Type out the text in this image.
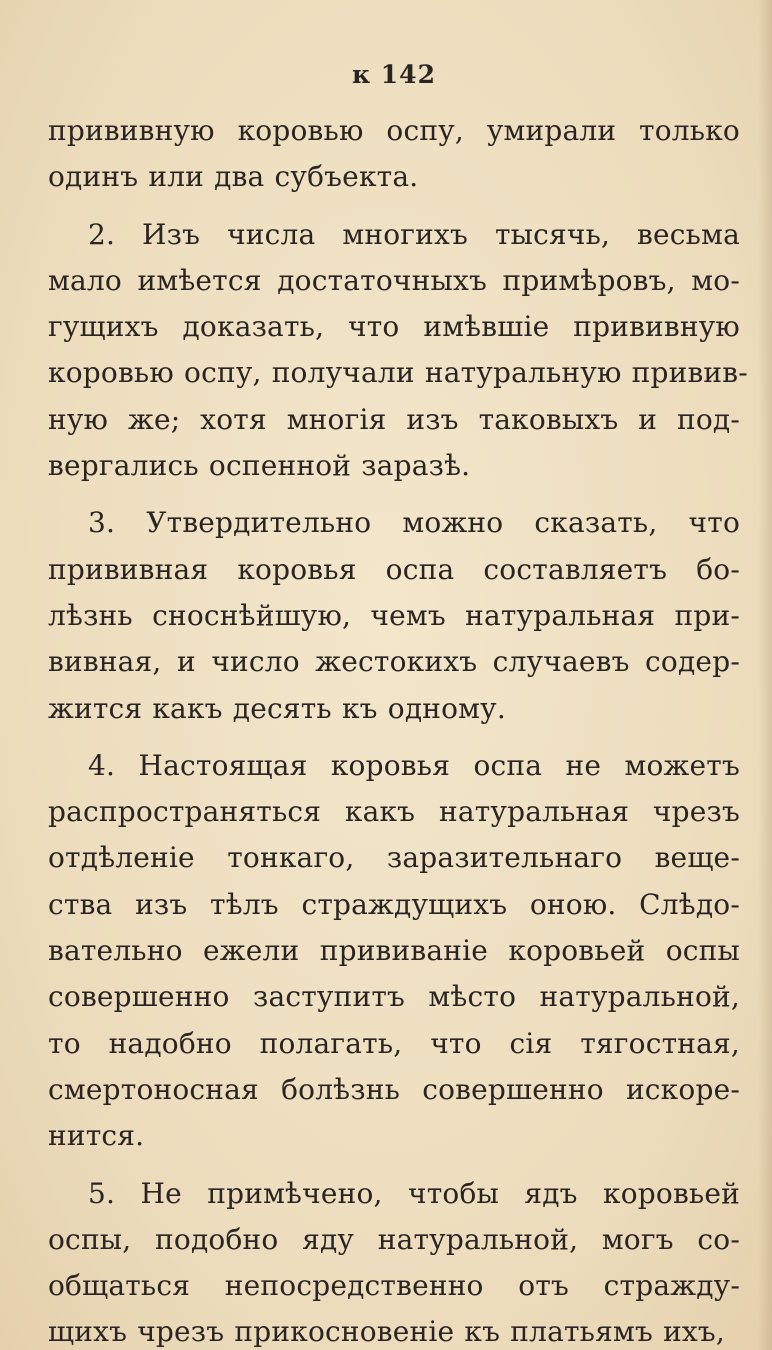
к 142
прививную коровью оспу, умирали только
одинъ или два субъекта.
2. Изъ числа многихъ тысячь, весьма
мало имѣется достаточныхъ примѣровъ, мо-
гущихъ доказать, что имѣвшіе прививную
коровью оспу, получали натуральную привив-
ную же; хотя многія изъ таковыхъ и под-
вергались оспенной заразѣ.
3. Утвердительно можно сказать, что
прививная коровья оспа составляетъ бо-
лѣзнь сноснѣйшую, чемъ натуральная при-
вивная, и число жестокихъ случаевъ содер-
жится какъ десять къ одному.
4. Настоящая коровья оспа не можетъ
распространяться какъ натуральная чрезъ
отдѣленіе тонкаго, заразительнаго веще-
ства изъ тѣлъ страждущихъ оною. Слѣдо-
вательно ежели прививаніе коровьей оспы
совершенно заступитъ мѣсто натуральной,
то надобно полагать, что сія тягостная,
смертоносная болѣзнь совершенно искоре-
нится.
5. Не примѣчено, чтобы ядъ коровьей
оспы, подобно яду натуральной, могъ со-
общаться непосредственно отъ стражду-
щихъ чрезъ прикосновеніе къ платьямъ ихъ,
